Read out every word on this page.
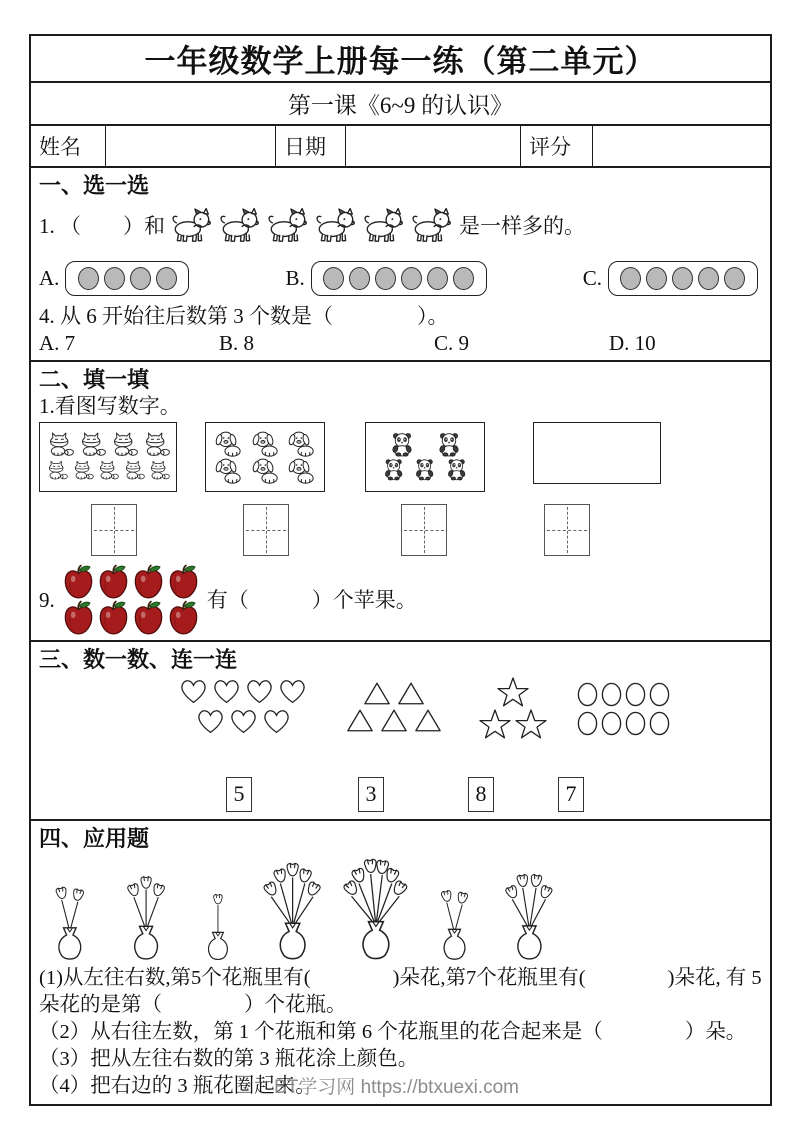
一年级数学上册每一练（第二单元）
第一课《6~9 的认识》
姓名	日期	评分
一、选一选
1. （　　）和	是一样多的。
A.	B.	C.
4. 从 6 开始往后数第 3 个数是（　　　　）。
A. 7	B. 8	C. 9	D. 10
二、填一填
1.看图写数字。
9.	有（　　　）个苹果。
三、数一数、连一连
5	3	8	7
四、应用题
(1)从左往右数,第5个花瓶里有(　　　　)朵花,第7个花瓶里有(　　　　)朵花, 有 5 朵花的是第（　　　　）个花瓶。
（2）从右往左数，第 1 个花瓶和第 6 个花瓶里的花合起来是（　　　　）朵。
（3）把从左往右数的第 3 瓶花涂上颜色。
（4）把右边的 3 瓶花圈起来。
BT学习网 https://btxuexi.com
